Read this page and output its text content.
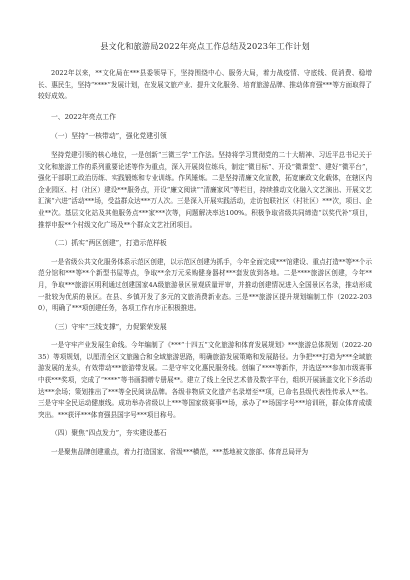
县文化和旅游局2022年亮点工作总结及2023年工作计划

2022年以来，**文化局在***县委领导下，坚持围绕中心、服务大局，着力战疫情、守底线、促消费、稳增长、惠民生，坚持“****”发展计划，在发展文旅产业、提升文化服务、培育旅游品牌、推动体育强***等方面取得了较好成效。

一、2022年亮点工作
（一）坚持“一核带动”，强化党建引领

坚持党建引领的核心地位，一是创新“三微三学”工作法。坚持将学习贯彻党的二十大精神、习近平总书记关于文化和旅游工作的系列重要论述等作为重点，深入开展岗位练兵，制定“微目标”、开设“微课堂”、建好“微平台”，强化干部职工政治历练、实践锻炼和专业训练。作风锤炼。二是坚持清廉文化宣教，拓宽廉政文化载体，在辖区内企业园区、村（社区）建设***服务点，开设“廉文阅读”“清廉家风”等栏目，持续推动文化融入文艺演出、开展文艺汇演“六进”活动***场，受益群众达***万人次。三是深入开展实践活动，走访包联社区（村社区）***次，项目、企业**次。基层文化站及其他服务点***家***次等，问题解决率达100%。积极争取省级共同缔造“以奖代补”项目，推荐申报**个村级文化广场及**个群众文艺社团项目。

（二）抓实“两区创建”，打造示范样板

一是省级公共文化服务体系示范区创建，以示范区创建为抓手，今年全面完成***馆建设、重点打造**等**个示范分馆和***等**个新型书屋等点，争取**余万元采购健身器材***套发放到各地。二是****旅游区创建，今年**月，争取***旅游区明利通过创建国家4A级旅游景区景观质量评审，并推动创建情况进入全国景区名录，推动形成一批较为优质的景区。在县、乡镇开发了多元的文旅消费新业态。三是***旅游区提升规划编制工作（2022-2030），明确了***项创建任务，各项工作有序正积极推进。

（三）守牢“三线支撑”，力促繁荣发展

一是守牢产业发展生命线。今年编制了《***“十四五”文化旅游和体育发展规划》***旅游总体规划（2022-2035）等项规划，以厘清全区文旅融合和全域旅游思路，明确旅游发展策略和发展路径。力争把***打造为***全域旅游发展的龙头，有效带动***旅游带发展。二是守牢文化惠民服务线。创编了****等新作，并选送***参加市级赛事中获***奖项，完成了“****”等书画捐赠专册展**。建立了线上全民艺术普及数字平台，组织开展涵盖文化下乡活动达***余场；策划推出了***等全民阅读品牌。各级非物质文化遗产名录增至**项，已命名县级代表性传承人**名。三是守牢全民运动健康线。成功举办省级以上***等国家级赛事**场，承办了**场国字号***培训班，群众体育成绩突出。***获评***体育强县国字号***项目称号。

（四）聚焦“四点发力”，夯实建设基石

一是聚焦品牌创建重点，着力打造国家、省级***横范，***基地被文旅部、体育总局评为
